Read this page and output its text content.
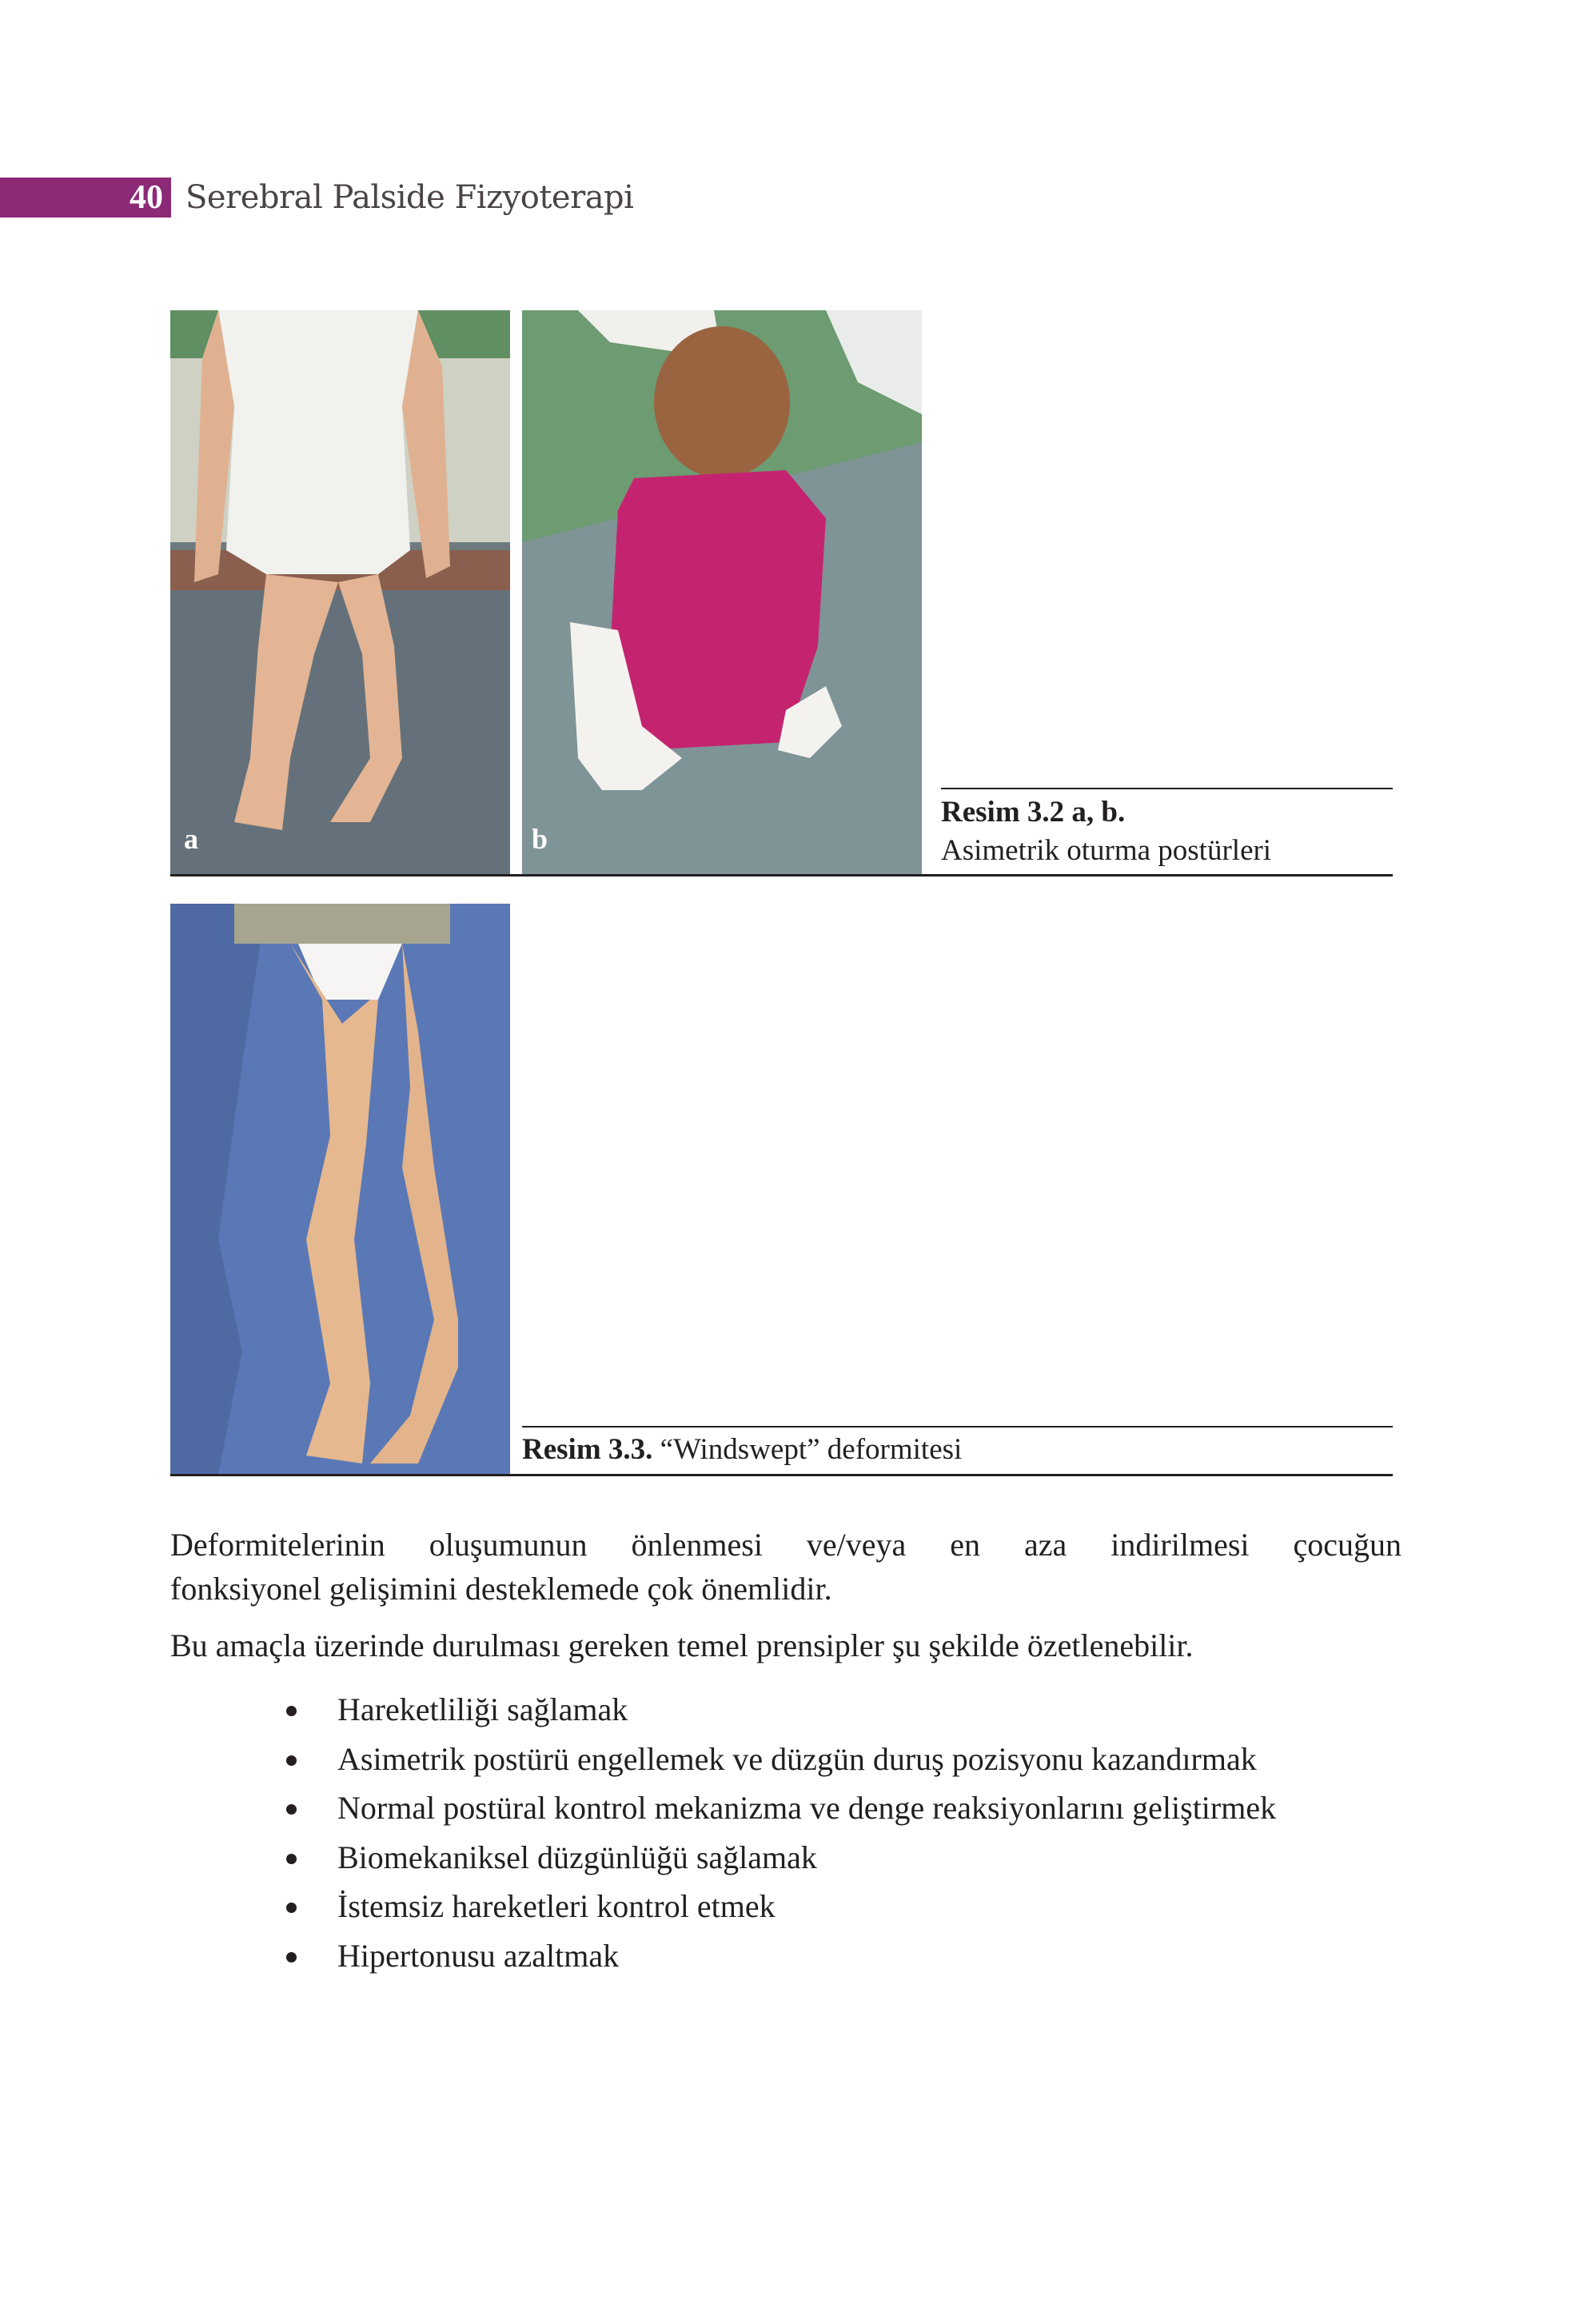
40 Serebral Palside Fizyoterapi
a	b
Resim 3.2 a, b.
Asimetrik oturma postürleri
Resim 3.3. “Windswept” deformitesi
Deformitelerinin oluşumunun önlenmesi ve/veya en aza indirilmesi çocuğun
fonksiyonel gelişimini desteklemede çok önemlidir.
Bu amaçla üzerinde durulması gereken temel prensipler şu şekilde özetlenebilir.
Hareketliliği sağlamak
Asimetrik postürü engellemek ve düzgün duruş pozisyonu kazandırmak
Normal postüral kontrol mekanizma ve denge reaksiyonlarını geliştirmek
Biomekaniksel düzgünlüğü sağlamak
İstemsiz hareketleri kontrol etmek
Hipertonusu azaltmak
